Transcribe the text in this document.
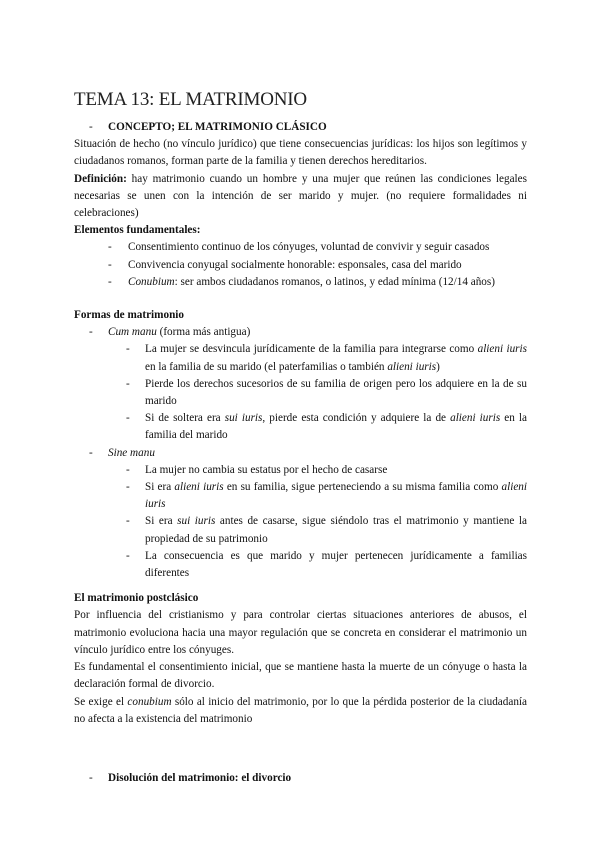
TEMA 13: EL MATRIMONIO
-	CONCEPTO; EL MATRIMONIO CLÁSICO
Situación de hecho (no vínculo jurídico) que tiene consecuencias jurídicas: los hijos son legítimos y ciudadanos romanos, forman parte de la familia y tienen derechos hereditarios.
Definición: hay matrimonio cuando un hombre y una mujer que reúnen las condiciones legales necesarias se unen con la intención de ser marido y mujer. (no requiere formalidades ni celebraciones)
Elementos fundamentales:
-	Consentimiento continuo de los cónyuges, voluntad de convivir y seguir casados
-	Convivencia conyugal socialmente honorable: esponsales, casa del marido
-	Conubium: ser ambos ciudadanos romanos, o latinos, y edad mínima (12/14 años)
Formas de matrimonio
-	Cum manu (forma más antigua)
-	La mujer se desvincula jurídicamente de la familia para integrarse como alieni iuris en la familia de su marido (el paterfamilias o también alieni iuris)
-	Pierde los derechos sucesorios de su familia de origen pero los adquiere en la de su marido
-	Si de soltera era sui iuris, pierde esta condición y adquiere la de alieni iuris en la familia del marido
-	Sine manu
-	La mujer no cambia su estatus por el hecho de casarse
-	Si era alieni iuris en su familia, sigue perteneciendo a su misma familia como alieni iuris
-	Si era sui iuris antes de casarse, sigue siéndolo tras el matrimonio y mantiene la propiedad de su patrimonio
-	La consecuencia es que marido y mujer pertenecen jurídicamente a familias diferentes
El matrimonio postclásico
Por influencia del cristianismo y para controlar ciertas situaciones anteriores de abusos, el matrimonio evoluciona hacia una mayor regulación que se concreta en considerar el matrimonio un vínculo jurídico entre los cónyuges.
Es fundamental el consentimiento inicial, que se mantiene hasta la muerte de un cónyuge o hasta la declaración formal de divorcio.
Se exige el conubium sólo al inicio del matrimonio, por lo que la pérdida posterior de la ciudadanía no afecta a la existencia del matrimonio
-	Disolución del matrimonio: el divorcio
